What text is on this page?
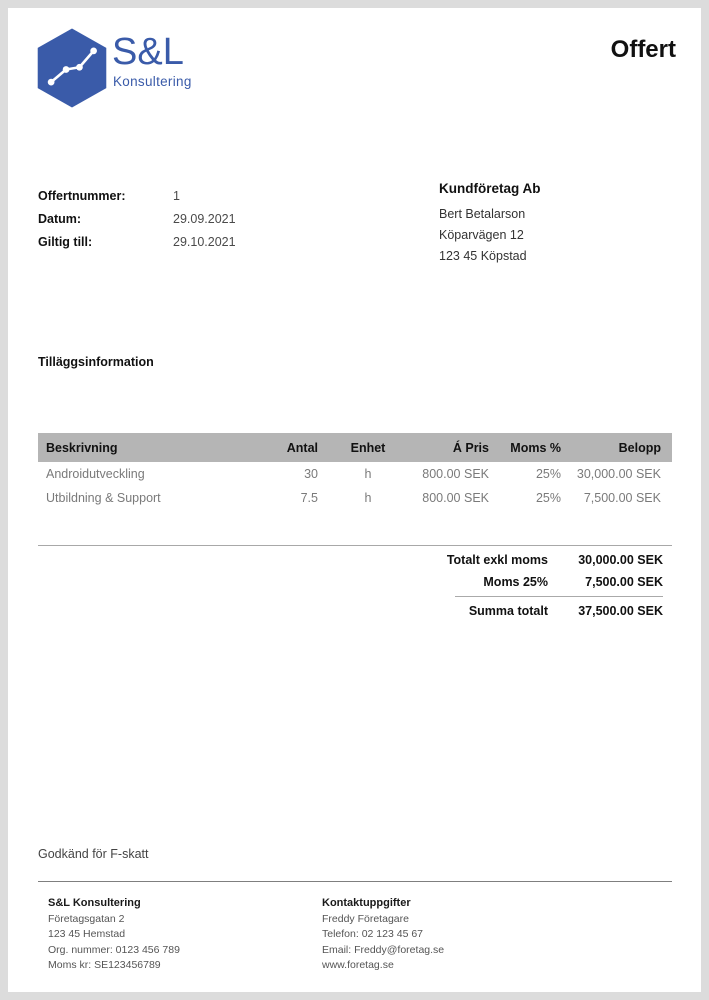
S&L
Konsultering
Offert
Offertnummer:	1
Datum:	29.09.2021
Giltig till:	29.10.2021
Kundföretag Ab
Bert Betalarson
Köparvägen 12
123 45 Köpstad
Tilläggsinformation
Beskrivning	Antal	Enhet	Á Pris	Moms %	Belopp
Androidutveckling	30	h	800.00 SEK	25%	30,000.00 SEK
Utbildning & Support	7.5	h	800.00 SEK	25%	7,500.00 SEK
Totalt exkl moms	30,000.00 SEK
Moms 25%	7,500.00 SEK
Summa totalt	37,500.00 SEK
Godkänd för F-skatt
S&L Konsultering
Företagsgatan 2
123 45 Hemstad
Org. nummer: 0123 456 789
Moms kr: SE123456789
Kontaktuppgifter
Freddy Företagare
Telefon: 02 123 45 67
Email: Freddy@foretag.se
www.foretag.se
